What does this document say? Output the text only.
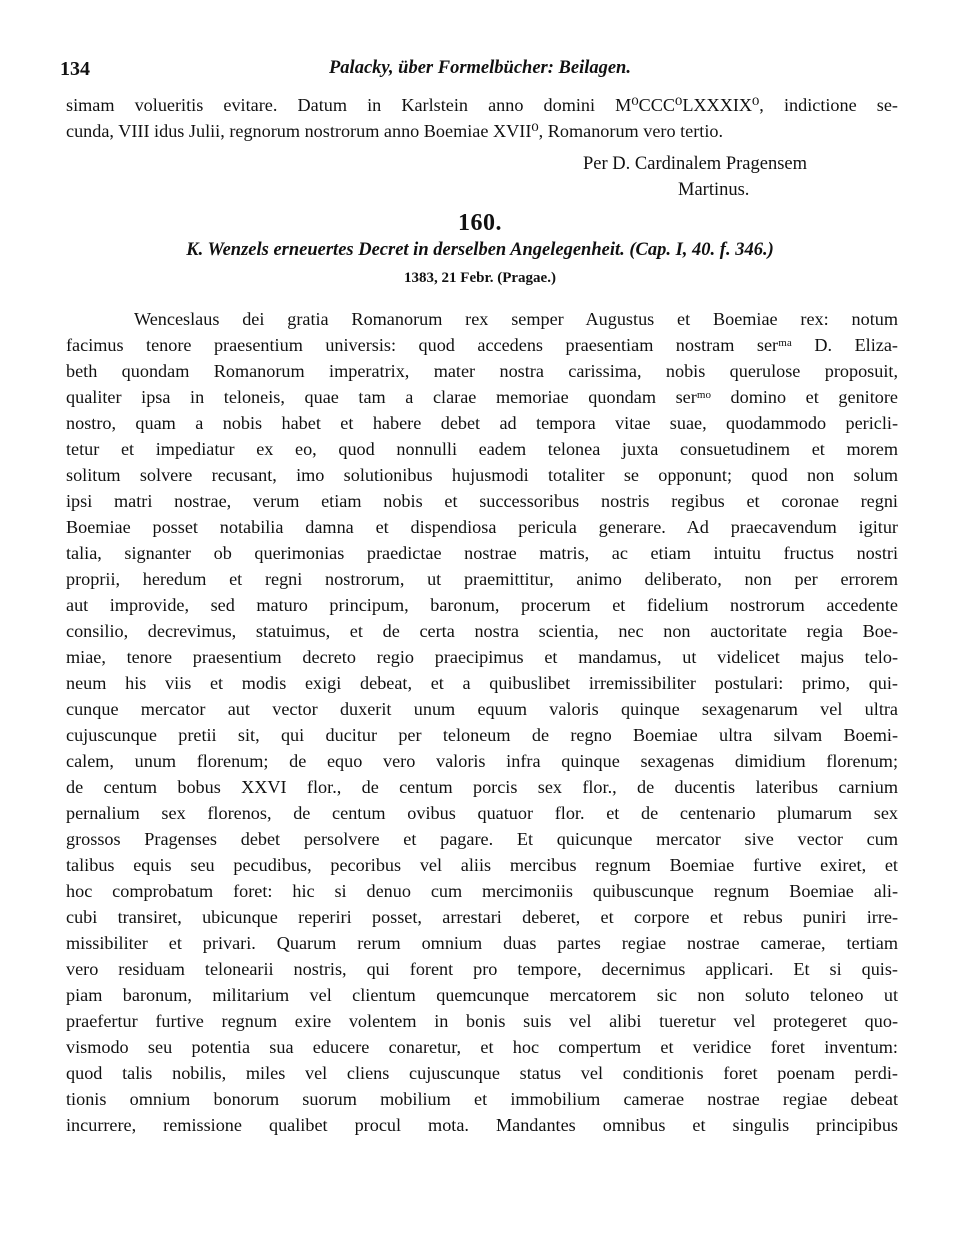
134	Palacky, über Formelbücher: Beilagen.
simam volueritis evitare. Datum in Karlstein anno domini M⁰CCC⁰LXXXIX⁰, indictione se-
cunda, VIII idus Julii, regnorum nostrorum anno Boemiae XVII⁰, Romanorum vero tertio.
Per D. Cardinalem Pragensem
Martinus.
160.
K. Wenzels erneuertes Decret in derselben Angelegenheit. (Cap. I, 40. f. 346.)
1383, 21 Febr. (Pragae.)
Wenceslaus dei gratia Romanorum rex semper Augustus et Boemiae rex: notum
facimus tenore praesentium universis: quod accedens praesentiam nostram serᵐᵃ D. Eliza-
beth quondam Romanorum imperatrix, mater nostra carissima, nobis querulose proposuit,
qualiter ipsa in teloneis, quae tam a clarae memoriae quondam serᵐᵒ domino et genitore
nostro, quam a nobis habet et habere debet ad tempora vitae suae, quodammodo pericli-
tetur et impediatur ex eo, quod nonnulli eadem telonea juxta consuetudinem et morem
solitum solvere recusant, imo solutionibus hujusmodi totaliter se opponunt; quod non solum
ipsi matri nostrae, verum etiam nobis et successoribus nostris regibus et coronae regni
Boemiae posset notabilia damna et dispendiosa pericula generare. Ad praecavendum igitur
talia, signanter ob querimonias praedictae nostrae matris, ac etiam intuitu fructus nostri
proprii, heredum et regni nostrorum, ut praemittitur, animo deliberato, non per errorem
aut improvide, sed maturo principum, baronum, procerum et fidelium nostrorum accedente
consilio, decrevimus, statuimus, et de certa nostra scientia, nec non auctoritate regia Boe-
miae, tenore praesentium decreto regio praecipimus et mandamus, ut videlicet majus telo-
neum his viis et modis exigi debeat, et a quibuslibet irremissibiliter postulari: primo, qui-
cunque mercator aut vector duxerit unum equum valoris quinque sexagenarum vel ultra
cujuscunque pretii sit, qui ducitur per teloneum de regno Boemiae ultra silvam Boemi-
calem, unum florenum; de equo vero valoris infra quinque sexagenas dimidium florenum;
de centum bobus XXVI flor., de centum porcis sex flor., de ducentis lateribus carnium
pernalium sex florenos, de centum ovibus quatuor flor. et de centenario plumarum sex
grossos Pragenses debet persolvere et pagare. Et quicunque mercator sive vector cum
talibus equis seu pecudibus, pecoribus vel aliis mercibus regnum Boemiae furtive exiret, et
hoc comprobatum foret: hic si denuo cum mercimoniis quibuscunque regnum Boemiae ali-
cubi transiret, ubicunque reperiri posset, arrestari deberet, et corpore et rebus puniri irre-
missibiliter et privari. Quarum rerum omnium duas partes regiae nostrae camerae, tertiam
vero residuam telonearii nostris, qui forent pro tempore, decernimus applicari. Et si quis-
piam baronum, militarium vel clientum quemcunque mercatorem sic non soluto teloneo ut
praefertur furtive regnum exire volentem in bonis suis vel alibi tueretur vel protegeret quo-
vismodo seu potentia sua educere conaretur, et hoc compertum et veridice foret inventum:
quod talis nobilis, miles vel cliens cujuscunque status vel conditionis foret poenam perdi-
tionis omnium bonorum suorum mobilium et immobilium camerae nostrae regiae debeat
incurrere, remissione qualibet procul mota. Mandantes omnibus et singulis principibus
